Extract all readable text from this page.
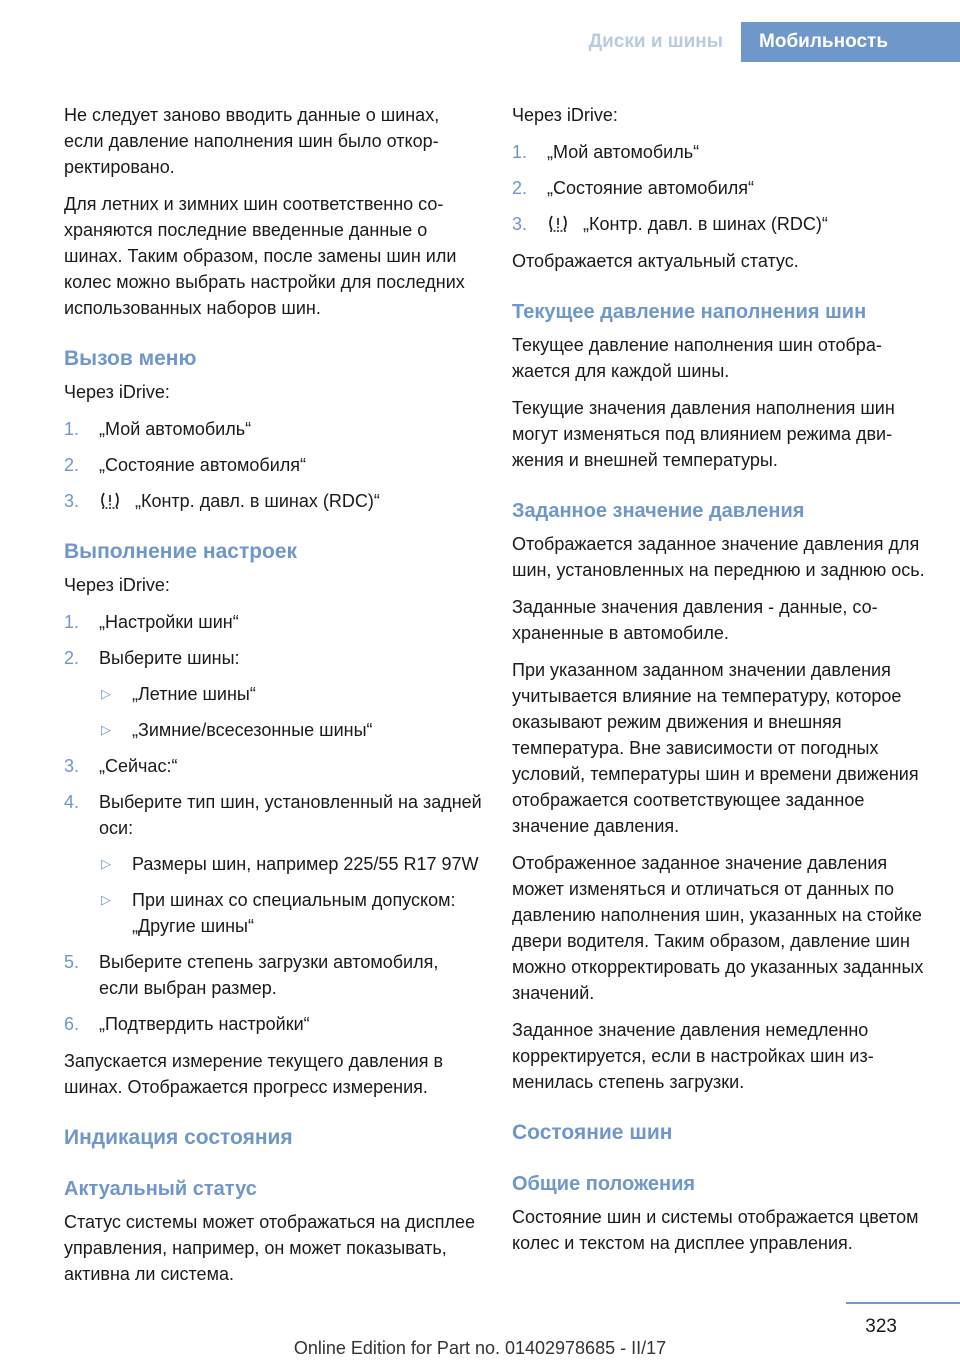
Диски и шины	Мобильность

Не следует заново вводить данные о шинах, если давление наполнения шин было откорректировано.

Для летних и зимних шин соответственно сохраняются последние введенные данные о шинах. Таким образом, после замены шин или колес можно выбрать настройки для последних использованных наборов шин.

Вызов меню

Через iDrive:

1. „Мой автомобиль“
2. „Состояние автомобиля“
3.	„Контр. давл. в шинах (RDC)“
Выполнение настроек

Через iDrive:

1. „Настройки шин“
2. Выберите шины:
▷ „Летние шины“
▷ „Зимние/всесезонные шины“
3. „Сейчас:“
4. Выберите тип шин, установленный на задней оси:
▷ Размеры шин, например 225/55 R17 97W
▷ При шинах со специальным допуском: „Другие шины“
5. Выберите степень загрузки автомобиля, если выбран размер.
6. „Подтвердить настройки“

Запускается измерение текущего давления в шинах. Отображается прогресс измерения.

Индикация состояния
Актуальный статус

Статус системы может отображаться на дисплее управления, например, он может показывать, активна ли система.

Через iDrive:

1. „Мой автомобиль“
2. „Состояние автомобиля“
3.	„Контр. давл. в шинах (RDC)“

Отображается актуальный статус.

Текущее давление наполнения шин

Текущее давление наполнения шин отображается для каждой шины.

Текущие значения давления наполнения шин могут изменяться под влиянием режима движения и внешней температуры.

Заданное значение давления

Отображается заданное значение давления для шин, установленных на переднюю и заднюю ось.

Заданные значения давления - данные, сохраненные в автомобиле.

При указанном заданном значении давления учитывается влияние на температуру, которое оказывают режим движения и внешняя температура. Вне зависимости от погодных условий, температуры шин и времени движения отображается соответствующее заданное значение давления.

Отображенное заданное значение давления может изменяться и отличаться от данных по давлению наполнения шин, указанных на стойке двери водителя. Таким образом, давление шин можно откорректировать до указанных заданных значений.

Заданное значение давления немедленно корректируется, если в настройках шин изменилась степень загрузки.

Состояние шин
Общие положения

Состояние шин и системы отображается цветом колес и текстом на дисплее управления.

323
Online Edition for Part no. 01402978685 - II/17
